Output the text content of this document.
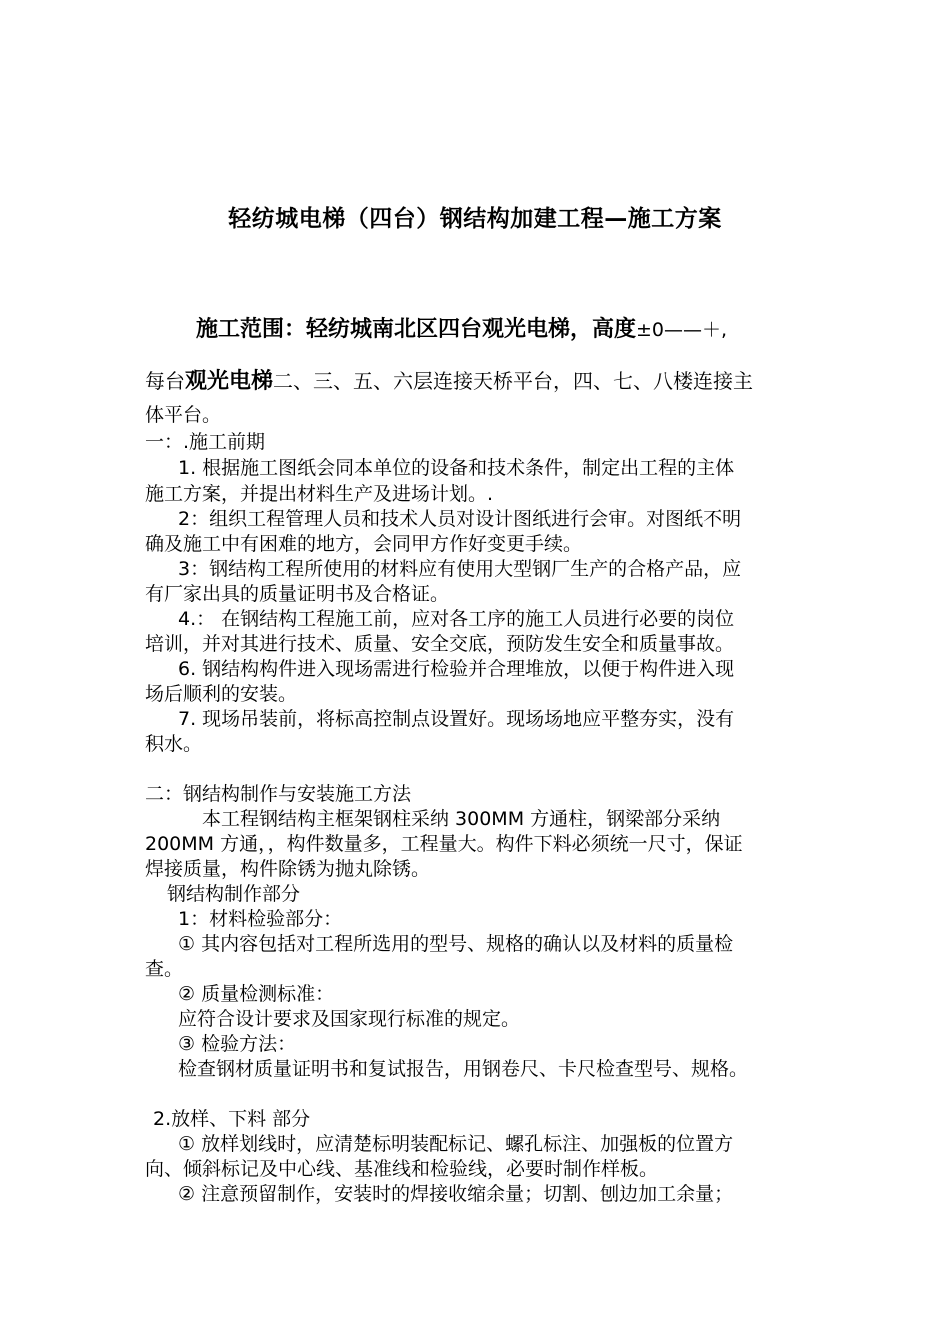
轻纺城电梯（四台）钢结构加建工程—施工方案
施工范围：轻纺城南北区四台观光电梯，高度±0——＋,
每台观光电梯二、三、五、六层连接天桥平台，四、七、八楼连接主
体平台。
一：.施工前期
1. 根据施工图纸会同本单位的设备和技术条件，制定出工程的主体
施工方案，并提出材料生产及进场计划。.
2：组织工程管理人员和技术人员对设计图纸进行会审。对图纸不明
确及施工中有困难的地方，会同甲方作好变更手续。
3：钢结构工程所使用的材料应有使用大型钢厂生产的合格产品，应
有厂家出具的质量证明书及合格证。
4.： 在钢结构工程施工前，应对各工序的施工人员进行必要的岗位
培训，并对其进行技术、质量、安全交底，预防发生安全和质量事故。
6. 钢结构构件进入现场需进行检验并合理堆放，以便于构件进入现
场后顺利的安装。
7. 现场吊装前，将标高控制点设置好。现场场地应平整夯实，没有
积水。
二：钢结构制作与安装施工方法
本工程钢结构主框架钢柱采纳 300MM 方通柱，钢梁部分采纳
200MM 方通，，构件数量多，工程量大。构件下料必须统一尺寸，保证
焊接质量，构件除锈为抛丸除锈。
钢结构制作部分
1：材料检验部分：
① 其内容包括对工程所选用的型号、规格的确认以及材料的质量检
查。
② 质量检测标准：
应符合设计要求及国家现行标准的规定。
③ 检验方法：
检查钢材质量证明书和复试报告，用钢卷尺、卡尺检查型号、规格。
2.放样、下料 部分
① 放样划线时，应清楚标明装配标记、螺孔标注、加强板的位置方
向、倾斜标记及中心线、基准线和检验线，必要时制作样板。
② 注意预留制作，安装时的焊接收缩余量；切割、刨边加工余量；
